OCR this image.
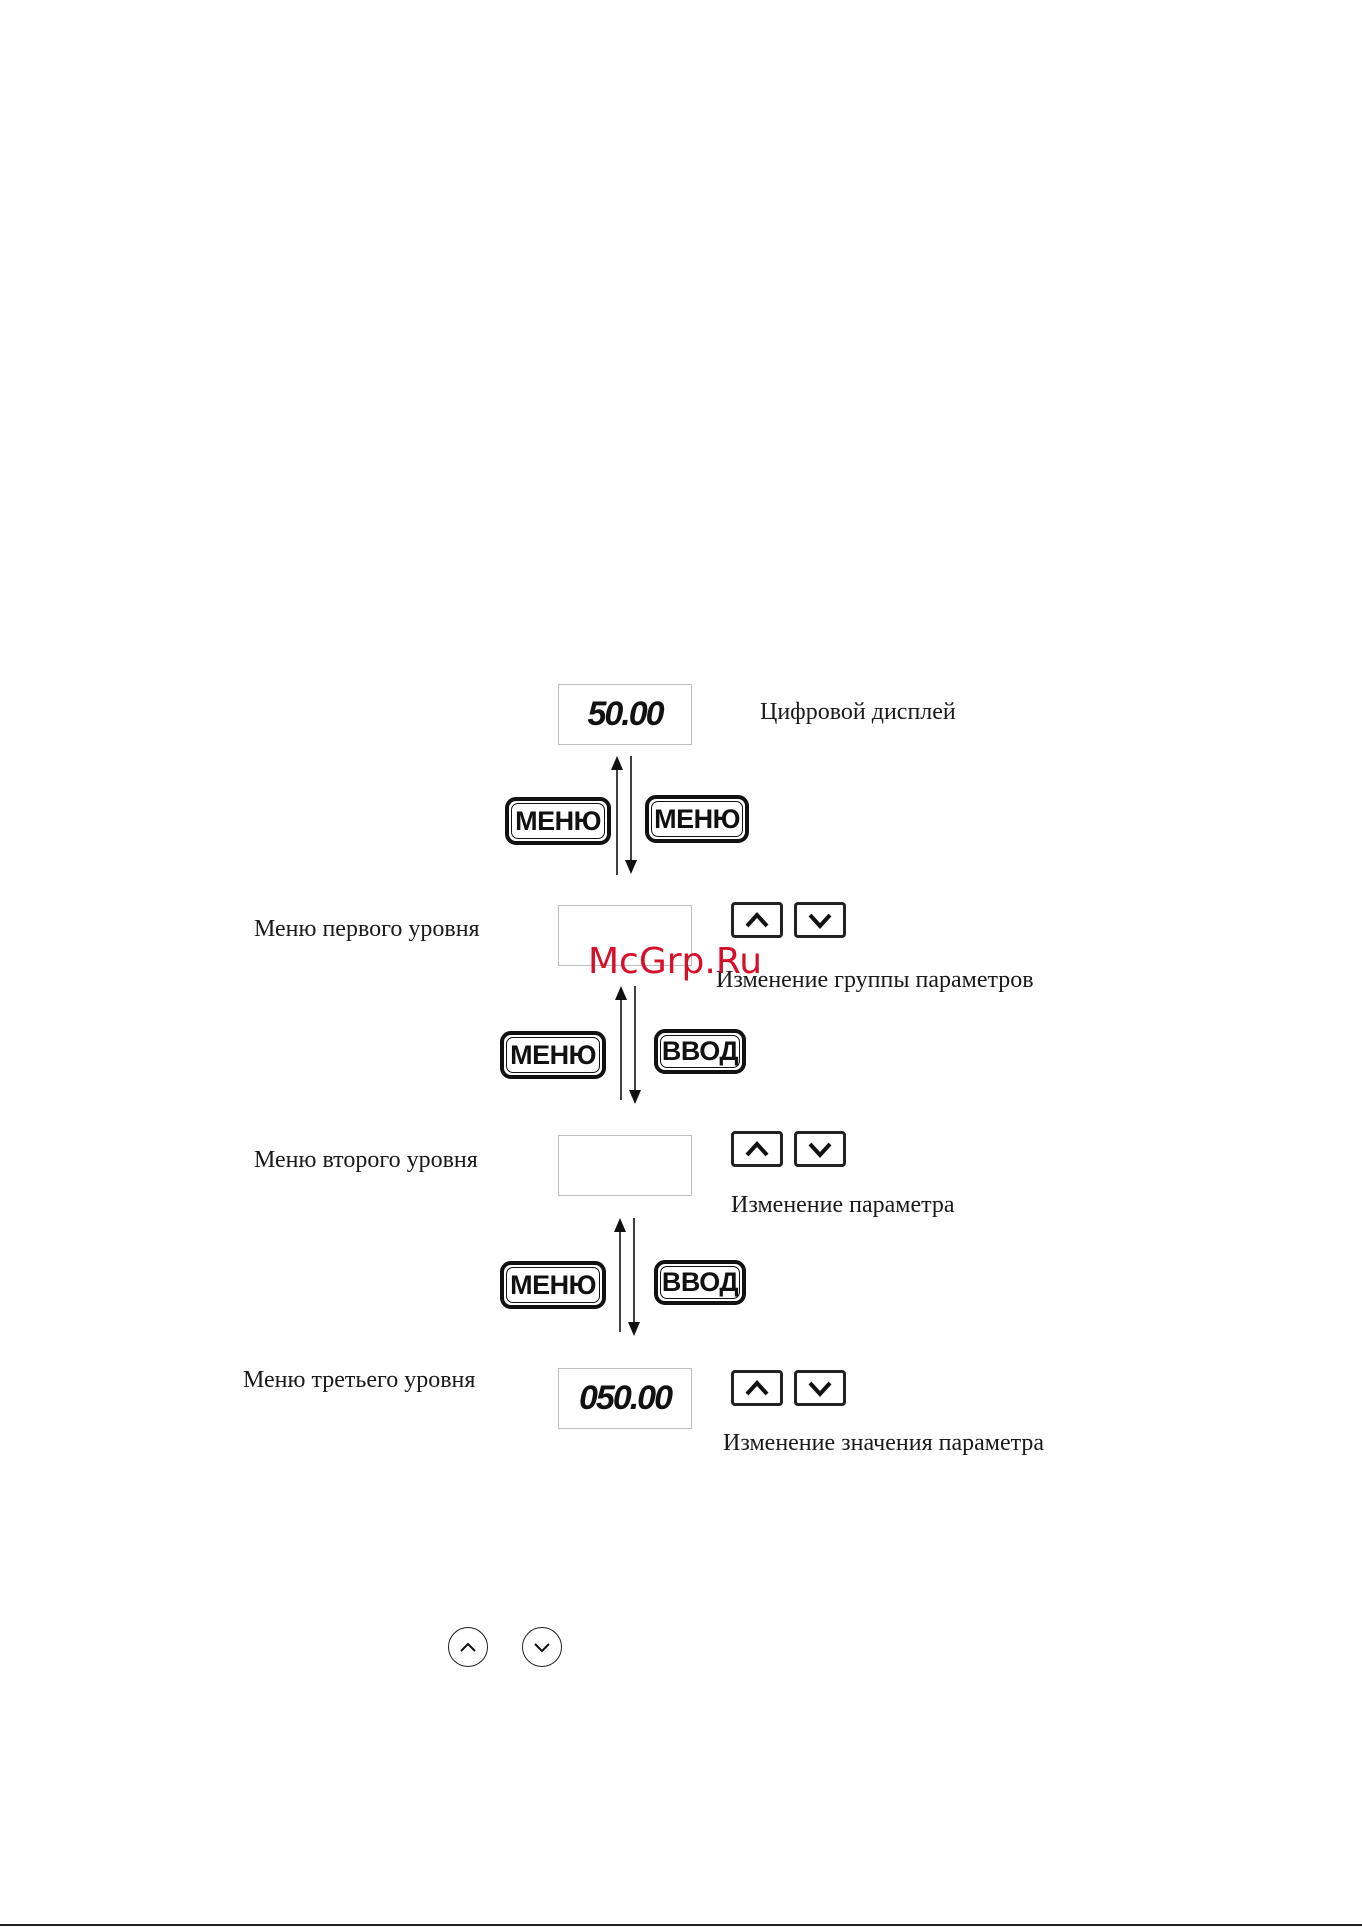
50.00
050.00
Цифровой дисплей
Меню первого уровня
Меню второго уровня
Меню третьего уровня
Изменение группы параметров
Изменение параметра
Изменение значения параметра
МЕНЮ	МЕНЮ
МЕНЮ	ВВОД
МЕНЮ	ВВОД
McGrp.Ru
